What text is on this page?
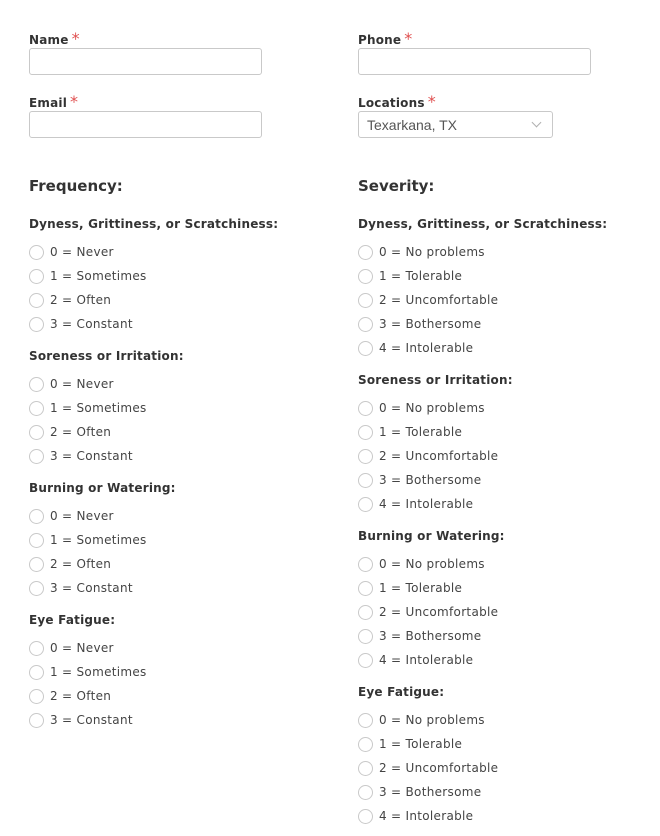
Name *	Phone *
Email *	Locations *
Texarkana, TX
Frequency:	Severity:
Dyness, Grittiness, or Scratchiness:
0 = Never
1 = Sometimes
2 = Often
3 = Constant
Soreness or Irritation:
0 = Never
1 = Sometimes
2 = Often
3 = Constant
Burning or Watering:
0 = Never
1 = Sometimes
2 = Often
3 = Constant
Eye Fatigue:
0 = Never
1 = Sometimes
2 = Often
3 = Constant
Dyness, Grittiness, or Scratchiness:
0 = No problems
1 = Tolerable
2 = Uncomfortable
3 = Bothersome
4 = Intolerable
Soreness or Irritation:
0 = No problems
1 = Tolerable
2 = Uncomfortable
3 = Bothersome
4 = Intolerable
Burning or Watering:
0 = No problems
1 = Tolerable
2 = Uncomfortable
3 = Bothersome
4 = Intolerable
Eye Fatigue:
0 = No problems
1 = Tolerable
2 = Uncomfortable
3 = Bothersome
4 = Intolerable
